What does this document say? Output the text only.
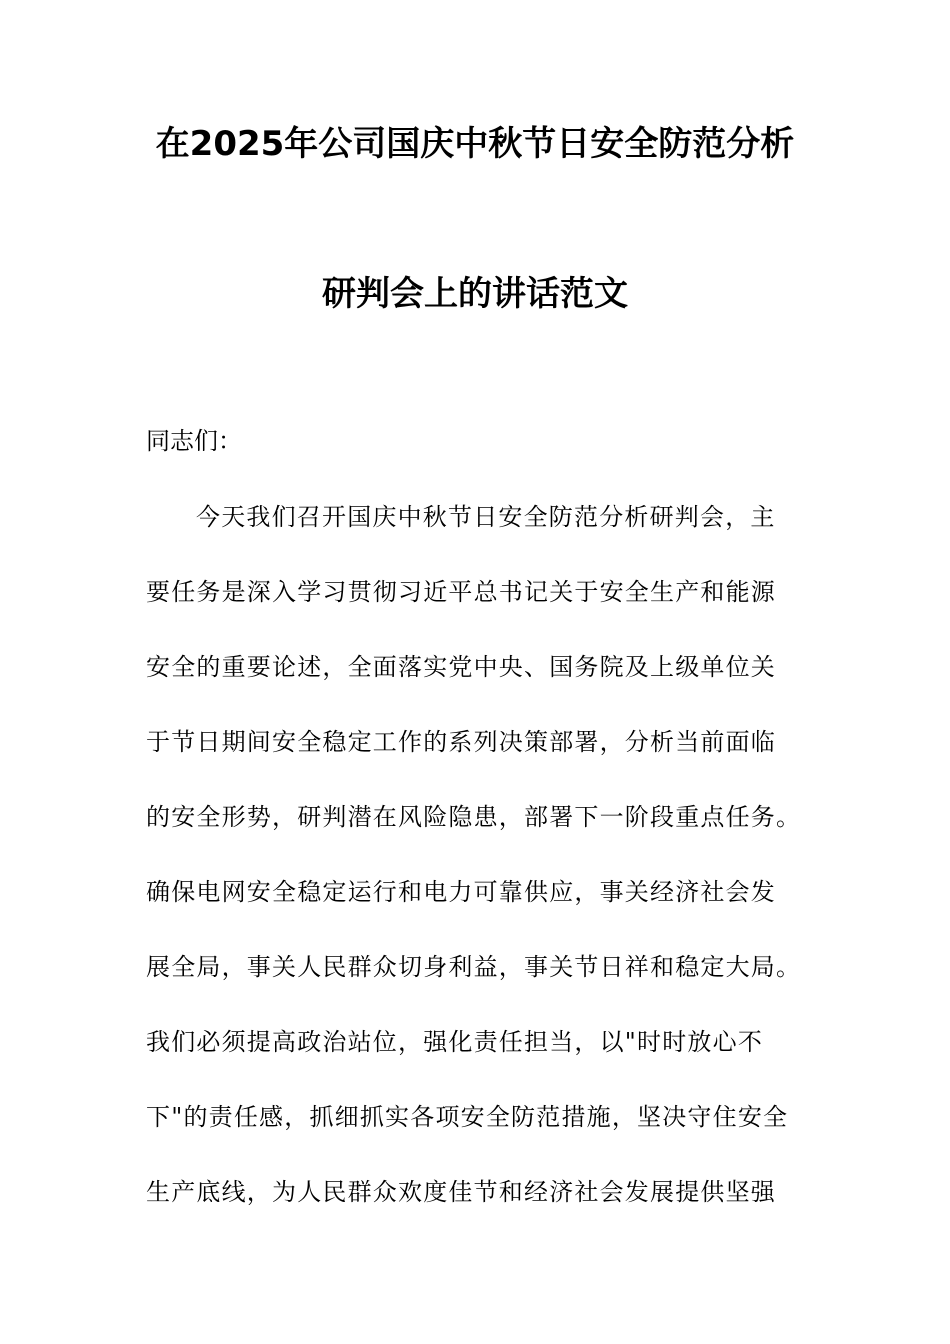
在2025年公司国庆中秋节日安全防范分析
研判会上的讲话范文
同志们：
今天我们召开国庆中秋节日安全防范分析研判会，主
要任务是深入学习贯彻习近平总书记关于安全生产和能源
安全的重要论述，全面落实党中央、国务院及上级单位关
于节日期间安全稳定工作的系列决策部署，分析当前面临
的安全形势，研判潜在风险隐患，部署下一阶段重点任务。
确保电网安全稳定运行和电力可靠供应，事关经济社会发
展全局，事关人民群众切身利益，事关节日祥和稳定大局。
我们必须提高政治站位，强化责任担当，以"时时放心不
下"的责任感，抓细抓实各项安全防范措施，坚决守住安全
生产底线，为人民群众欢度佳节和经济社会发展提供坚强
